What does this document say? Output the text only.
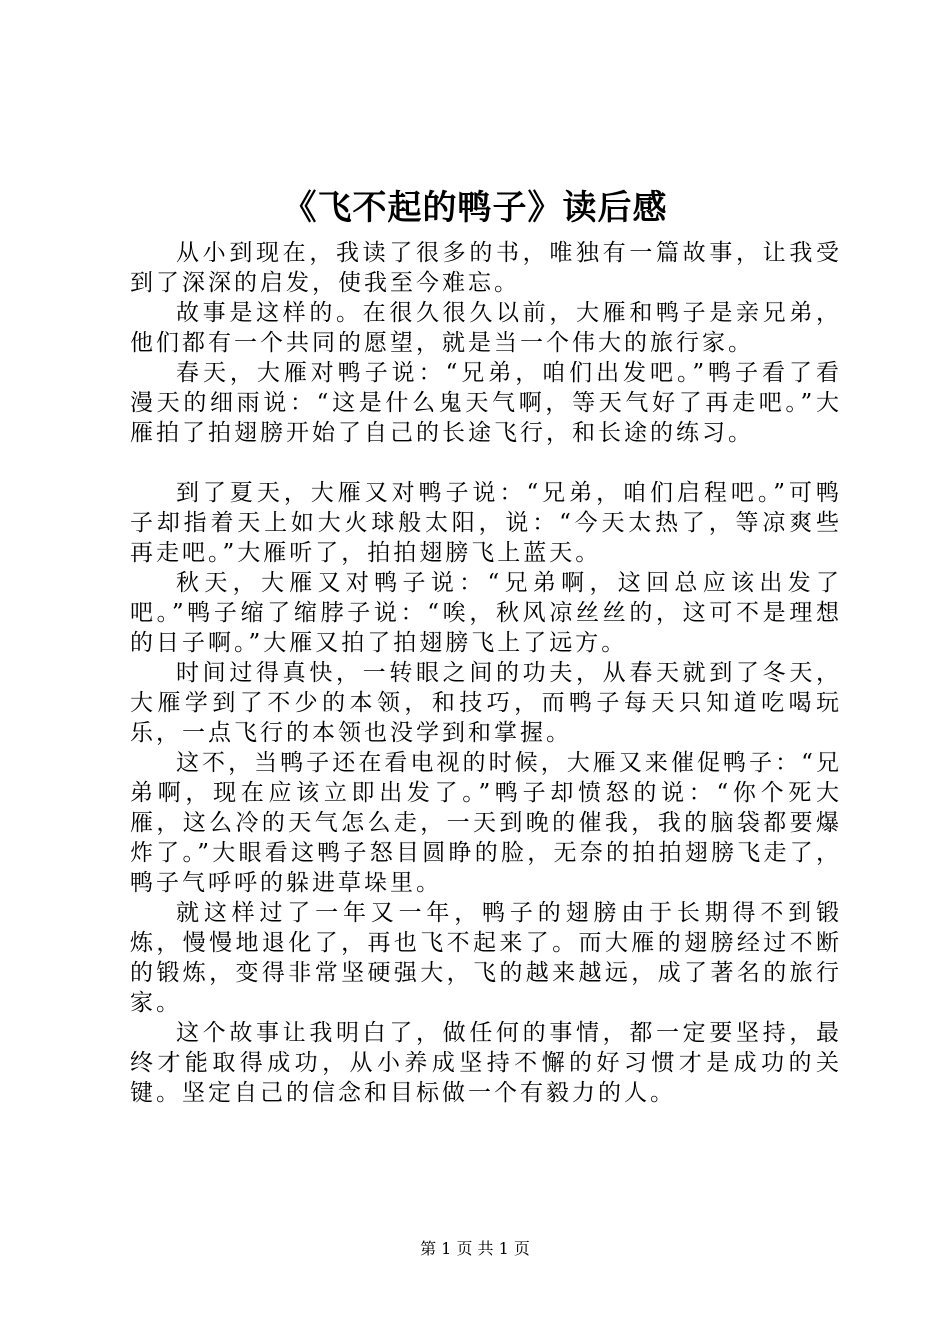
《飞不起的鸭子》读后感

从小到现在，我读了很多的书，唯独有一篇故事，让我受到了深深的启发，使我至今难忘。

故事是这样的。在很久很久以前，大雁和鸭子是亲兄弟，他们都有一个共同的愿望，就是当一个伟大的旅行家。

春天，大雁对鸭子说：“兄弟，咱们出发吧。”鸭子看了看漫天的细雨说：“这是什么鬼天气啊，等天气好了再走吧。”大雁拍了拍翅膀开始了自己的长途飞行，和长途的练习。

到了夏天，大雁又对鸭子说：“兄弟，咱们启程吧。”可鸭子却指着天上如大火球般太阳，说：“今天太热了，等凉爽些再走吧。”大雁听了，拍拍翅膀飞上蓝天。

秋天，大雁又对鸭子说：“兄弟啊，这回总应该出发了吧。”鸭子缩了缩脖子说：“唉，秋风凉丝丝的，这可不是理想的日子啊。”大雁又拍了拍翅膀飞上了远方。

时间过得真快，一转眼之间的功夫，从春天就到了冬天，大雁学到了不少的本领，和技巧，而鸭子每天只知道吃喝玩乐，一点飞行的本领也没学到和掌握。

这不，当鸭子还在看电视的时候，大雁又来催促鸭子：“兄弟啊，现在应该立即出发了。”鸭子却愤怒的说：“你个死大雁，这么冷的天气怎么走，一天到晚的催我，我的脑袋都要爆炸了。”大眼看这鸭子怒目圆睁的脸，无奈的拍拍翅膀飞走了，鸭子气呼呼的躲进草垛里。

就这样过了一年又一年，鸭子的翅膀由于长期得不到锻炼，慢慢地退化了，再也飞不起来了。而大雁的翅膀经过不断的锻炼，变得非常坚硬强大，飞的越来越远，成了著名的旅行家。

这个故事让我明白了，做任何的事情，都一定要坚持，最终才能取得成功，从小养成坚持不懈的好习惯才是成功的关键。坚定自己的信念和目标做一个有毅力的人。

第 1 页 共 1 页
